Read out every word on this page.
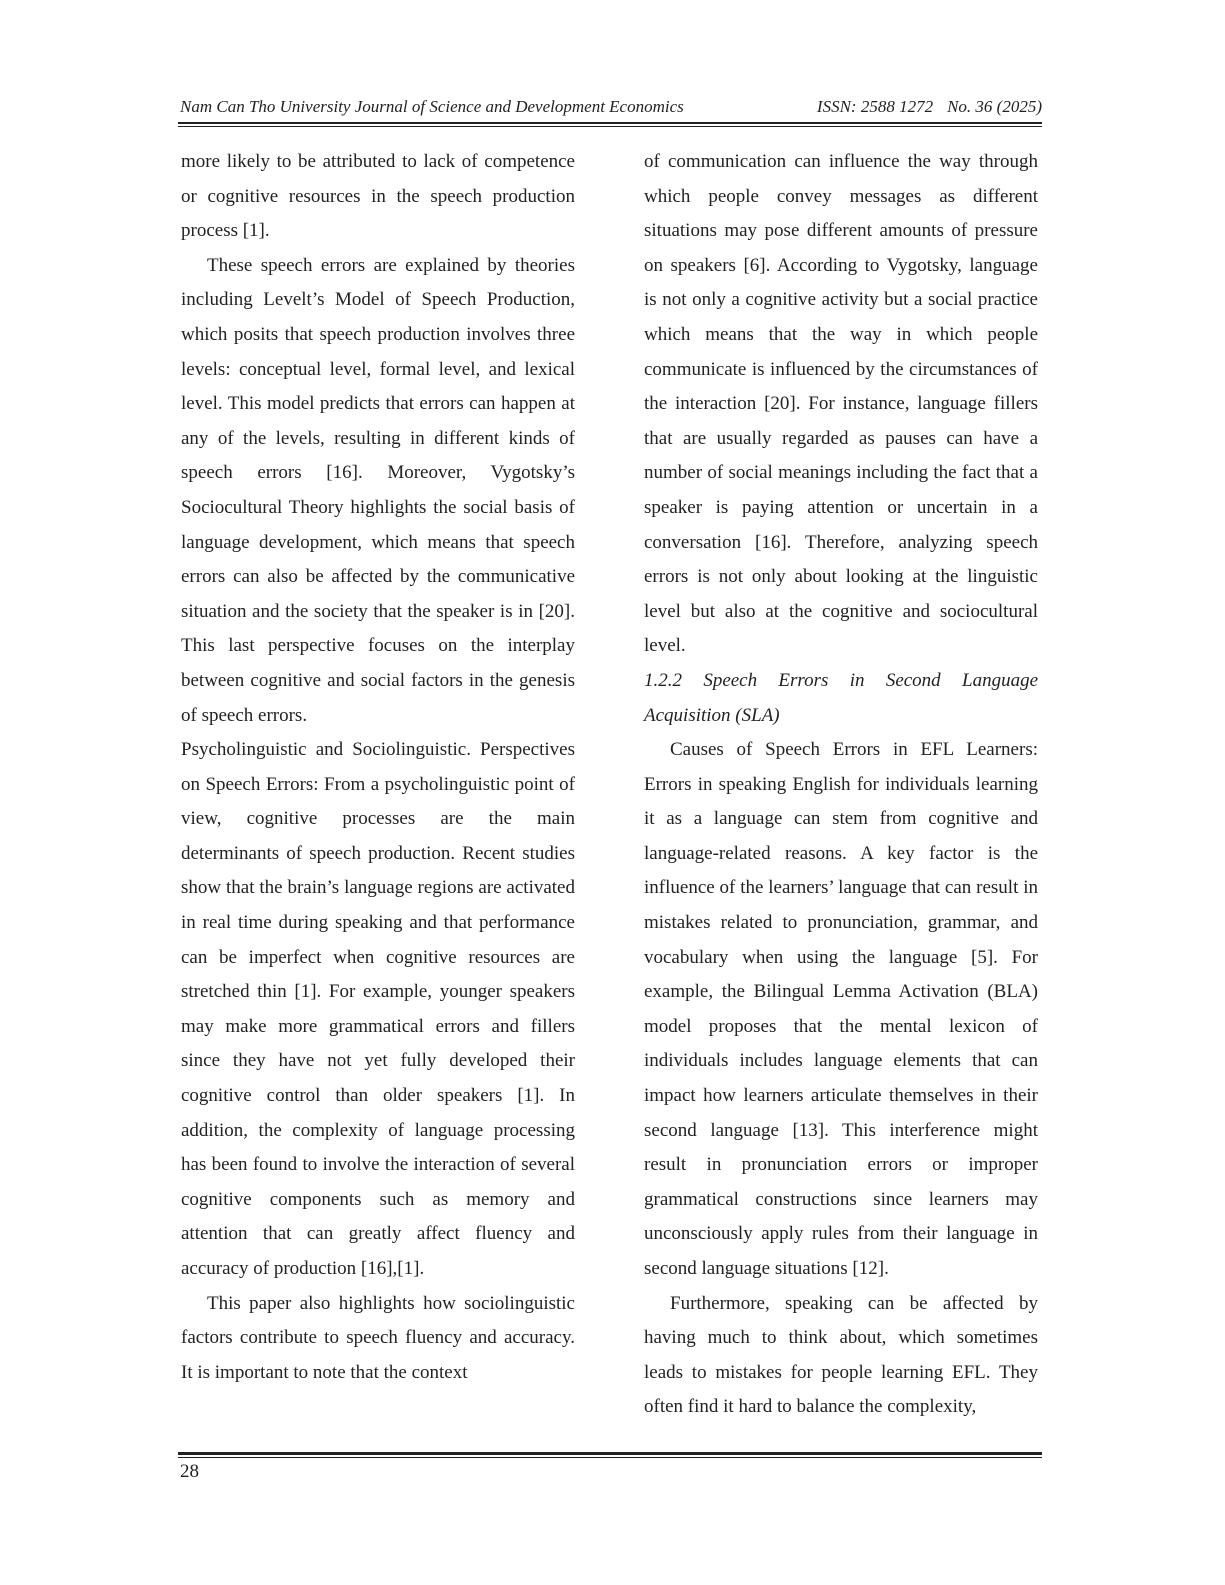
Nam Can Tho University Journal of Science and Development Economics	ISSN: 2588 1272 No. 36 (2025)

more likely to be attributed to lack of competence or cognitive resources in the speech production process [1].

These speech errors are explained by theories including Levelt’s Model of Speech Production, which posits that speech production involves three levels: conceptual level, formal level, and lexical level. This model predicts that errors can happen at any of the levels, resulting in different kinds of speech errors [16]. Moreover, Vygotsky’s Sociocultural Theory highlights the social basis of language development, which means that speech errors can also be affected by the communicative situation and the society that the speaker is in [20]. This last perspective focuses on the interplay between cognitive and social factors in the genesis of speech errors.

Psycholinguistic and Sociolinguistic. Perspectives on Speech Errors: From a psycholinguistic point of view, cognitive processes are the main determinants of speech production. Recent studies show that the brain’s language regions are activated in real time during speaking and that performance can be imperfect when cognitive resources are stretched thin [1]. For example, younger speakers may make more grammatical errors and fillers since they have not yet fully developed their cognitive control than older speakers [1]. In addition, the complexity of language processing has been found to involve the interaction of several cognitive components such as memory and attention that can greatly affect fluency and accuracy of production [16],[1].

This paper also highlights how sociolinguistic factors contribute to speech fluency and accuracy. It is important to note that the context

of communication can influence the way through which people convey messages as different situations may pose different amounts of pressure on speakers [6]. According to Vygotsky, language is not only a cognitive activity but a social practice which means that the way in which people communicate is influenced by the circumstances of the interaction [20]. For instance, language fillers that are usually regarded as pauses can have a number of social meanings including the fact that a speaker is paying attention or uncertain in a conversation [16]. Therefore, analyzing speech errors is not only about looking at the linguistic level but also at the cognitive and sociocultural level.

1.2.2 Speech Errors in Second Language Acquisition (SLA)

Causes of Speech Errors in EFL Learners: Errors in speaking English for individuals learning it as a language can stem from cognitive and language-related reasons. A key factor is the influence of the learners’ language that can result in mistakes related to pronunciation, grammar, and vocabulary when using the language [5]. For example, the Bilingual Lemma Activation (BLA) model proposes that the mental lexicon of individuals includes language elements that can impact how learners articulate themselves in their second language [13]. This interference might result in pronunciation errors or improper grammatical constructions since learners may unconsciously apply rules from their language in second language situations [12].

Furthermore, speaking can be affected by having much to think about, which sometimes leads to mistakes for people learning EFL. They often find it hard to balance the complexity,

28
